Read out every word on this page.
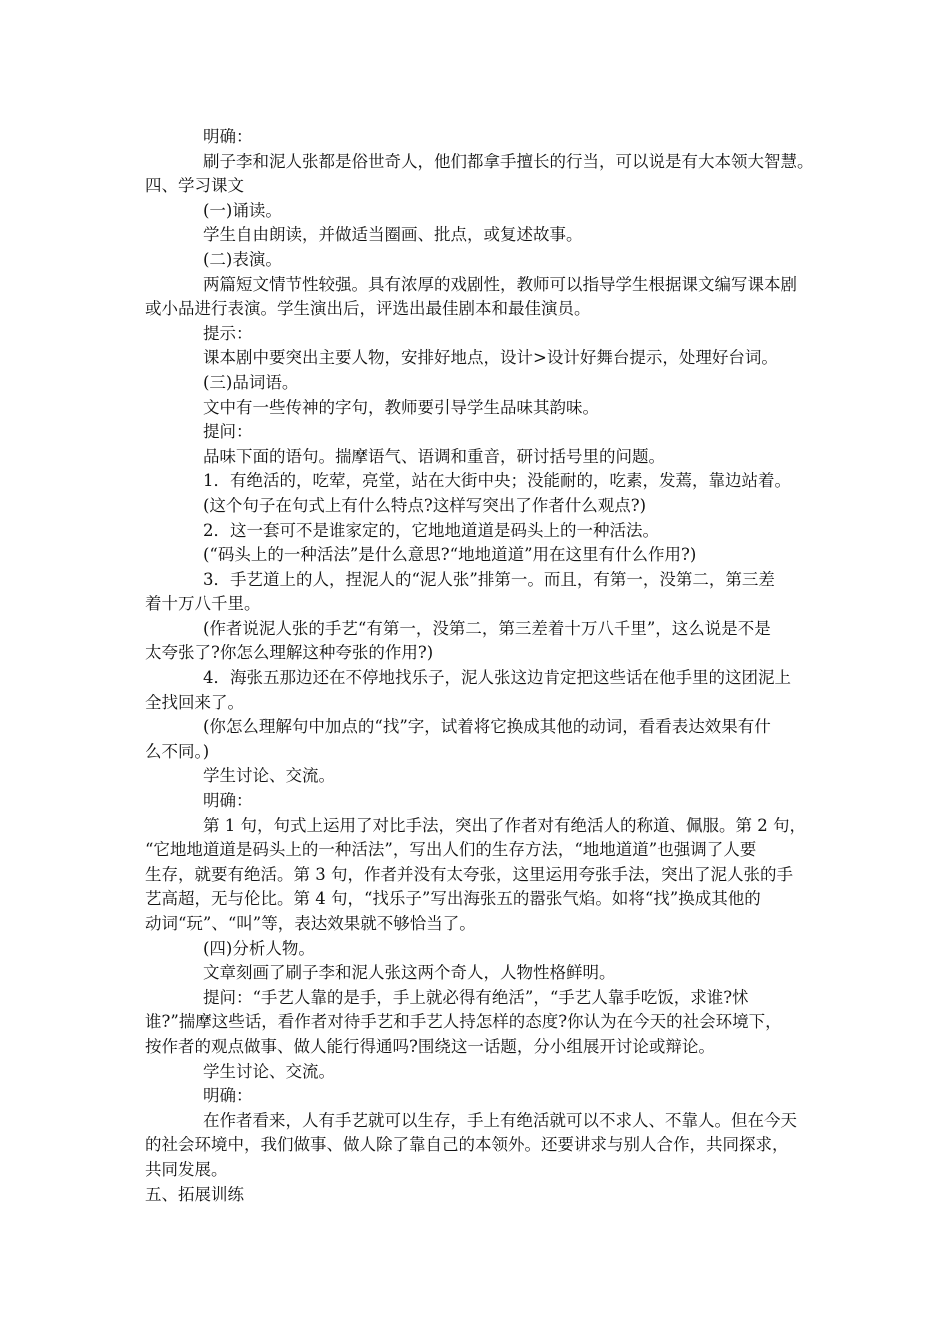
明确：
刷子李和泥人张都是俗世奇人，他们都拿手擅长的行当，可以说是有大本领大智慧。
四、学习课文
(一)诵读。
学生自由朗读，并做适当圈画、批点，或复述故事。
(二)表演。
两篇短文情节性较强。具有浓厚的戏剧性，教师可以指导学生根据课文编写课本剧
或小品进行表演。学生演出后，评选出最佳剧本和最佳演员。
提示：
课本剧中要突出主要人物，安排好地点，设计>设计好舞台提示，处理好台词。
(三)品词语。
文中有一些传神的字句，教师要引导学生品味其韵味。
提问：
品味下面的语句。揣摩语气、语调和重音，研讨括号里的问题。
1．有绝活的，吃荤，亮堂，站在大街中央；没能耐的，吃素，发蔫，靠边站着。
(这个句子在句式上有什么特点?这样写突出了作者什么观点?)
2．这一套可不是谁家定的，它地地道道是码头上的一种活法。
(“码头上的一种活法”是什么意思?“地地道道”用在这里有什么作用?)
3．手艺道上的人，捏泥人的“泥人张”排第一。而且，有第一，没第二，第三差
着十万八千里。
(作者说泥人张的手艺“有第一，没第二，第三差着十万八千里”，这么说是不是
太夸张了?你怎么理解这种夸张的作用?)
4．海张五那边还在不停地找乐子，泥人张这边肯定把这些话在他手里的这团泥上
全找回来了。
(你怎么理解句中加点的“找”字，试着将它换成其他的动词，看看表达效果有什
么不同。)
学生讨论、交流。
明确：
第 1 句，句式上运用了对比手法，突出了作者对有绝活人的称道、佩服。第 2 句，
“它地地道道是码头上的一种活法”，写出人们的生存方法，“地地道道”也强调了人要
生存，就要有绝活。第 3 句，作者并没有太夸张，这里运用夸张手法，突出了泥人张的手
艺高超，无与伦比。第 4 句，“找乐子”写出海张五的嚣张气焰。如将“找”换成其他的
动词“玩”、“叫”等，表达效果就不够恰当了。
(四)分析人物。
文章刻画了刷子李和泥人张这两个奇人，人物性格鲜明。
提问：“手艺人靠的是手，手上就必得有绝活”，“手艺人靠手吃饭，求谁?怵
谁?”揣摩这些话，看作者对待手艺和手艺人持怎样的态度?你认为在今天的社会环境下，
按作者的观点做事、做人能行得通吗?围绕这一话题，分小组展开讨论或辩论。
学生讨论、交流。
明确：
在作者看来，人有手艺就可以生存，手上有绝活就可以不求人、不靠人。但在今天
的社会环境中，我们做事、做人除了靠自己的本领外。还要讲求与别人合作，共同探求，
共同发展。
五、拓展训练
